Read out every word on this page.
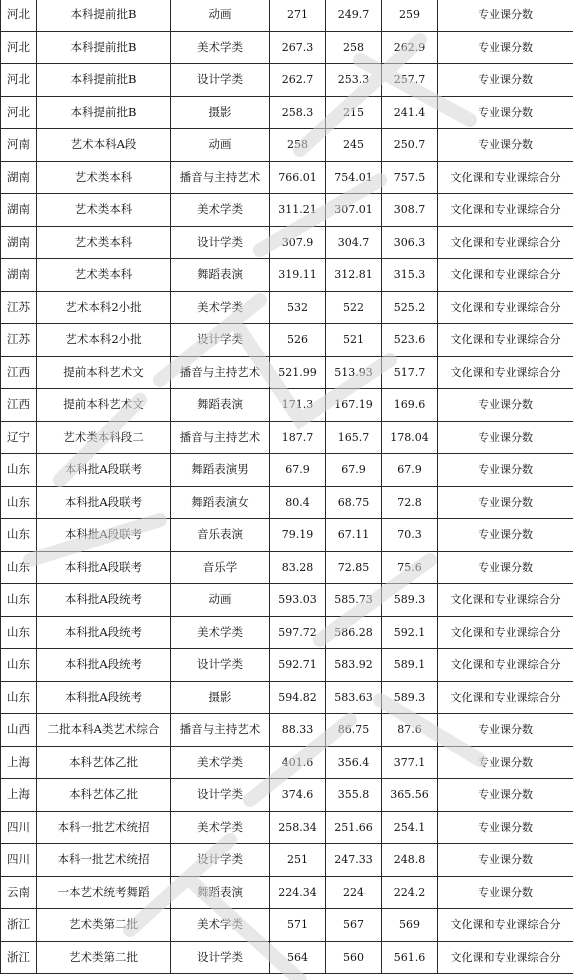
河北	本科提前批B	动画	271	249.7	259	专业课分数
河北	本科提前批B	美术学类	267.3	258	262.9	专业课分数
河北	本科提前批B	设计学类	262.7	253.3	257.7	专业课分数
河北	本科提前批B	摄影	258.3	215	241.4	专业课分数
河南	艺术本科A段	动画	258	245	250.7	专业课分数
湖南	艺术类本科	播音与主持艺术	766.01	754.01	757.5	文化课和专业课综合分
湖南	艺术类本科	美术学类	311.21	307.01	308.7	文化课和专业课综合分
湖南	艺术类本科	设计学类	307.9	304.7	306.3	文化课和专业课综合分
湖南	艺术类本科	舞蹈表演	319.11	312.81	315.3	文化课和专业课综合分
江苏	艺术本科2小批	美术学类	532	522	525.2	文化课和专业课综合分
江苏	艺术本科2小批	设计学类	526	521	523.6	文化课和专业课综合分
江西	提前本科艺术文	播音与主持艺术	521.99	513.93	517.7	文化课和专业课综合分
江西	提前本科艺术文	舞蹈表演	171.3	167.19	169.6	专业课分数
辽宁	艺术类本科段二	播音与主持艺术	187.7	165.7	178.04	专业课分数
山东	本科批A段联考	舞蹈表演男	67.9	67.9	67.9	专业课分数
山东	本科批A段联考	舞蹈表演女	80.4	68.75	72.8	专业课分数
山东	本科批A段联考	音乐表演	79.19	67.11	70.3	专业课分数
山东	本科批A段联考	音乐学	83.28	72.85	75.6	专业课分数
山东	本科批A段统考	动画	593.03	585.73	589.3	文化课和专业课综合分
山东	本科批A段统考	美术学类	597.72	586.28	592.1	文化课和专业课综合分
山东	本科批A段统考	设计学类	592.71	583.92	589.1	文化课和专业课综合分
山东	本科批A段统考	摄影	594.82	583.63	589.3	文化课和专业课综合分
山西	二批本科A类艺术综合	播音与主持艺术	88.33	86.75	87.6	专业课分数
上海	本科艺体乙批	美术学类	401.6	356.4	377.1	专业课分数
上海	本科艺体乙批	设计学类	374.6	355.8	365.56	专业课分数
四川	本科一批艺术统招	美术学类	258.34	251.66	254.1	专业课分数
四川	本科一批艺术统招	设计学类	251	247.33	248.8	专业课分数
云南	一本艺术统考舞蹈	舞蹈表演	224.34	224	224.2	专业课分数
浙江	艺术类第二批	美术学类	571	567	569	文化课和专业课综合分
浙江	艺术类第二批	设计学类	564	560	561.6	文化课和专业课综合分
